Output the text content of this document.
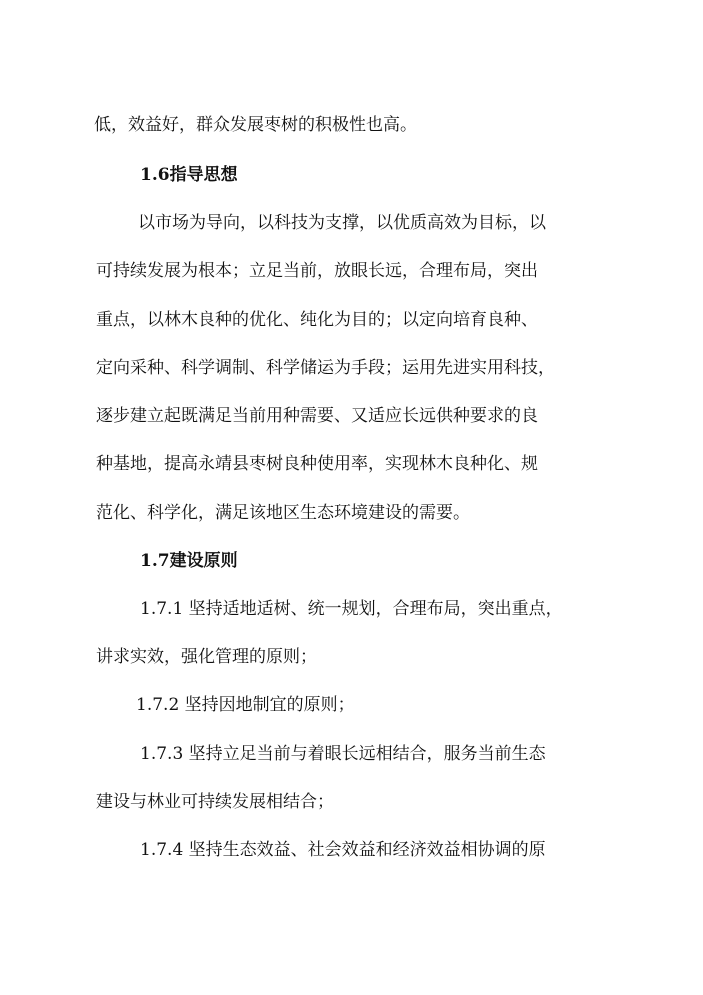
低，效益好，群众发展枣树的积极性也高。
1.6指导思想
以市场为导向，以科技为支撑，以优质高效为目标，以
可持续发展为根本；立足当前，放眼长远，合理布局，突出
重点，以林木良种的优化、纯化为目的；以定向培育良种、
定向采种、科学调制、科学储运为手段；运用先进实用科技，
逐步建立起既满足当前用种需要、又适应长远供种要求的良
种基地，提高永靖县枣树良种使用率，实现林木良种化、规
范化、科学化，满足该地区生态环境建设的需要。
1.7建设原则
1.7.1 坚持适地适树、统一规划，合理布局，突出重点，
讲求实效，强化管理的原则；
1.7.2 坚持因地制宜的原则；
1.7.3 坚持立足当前与着眼长远相结合，服务当前生态
建设与林业可持续发展相结合；
1.7.4 坚持生态效益、社会效益和经济效益相协调的原
